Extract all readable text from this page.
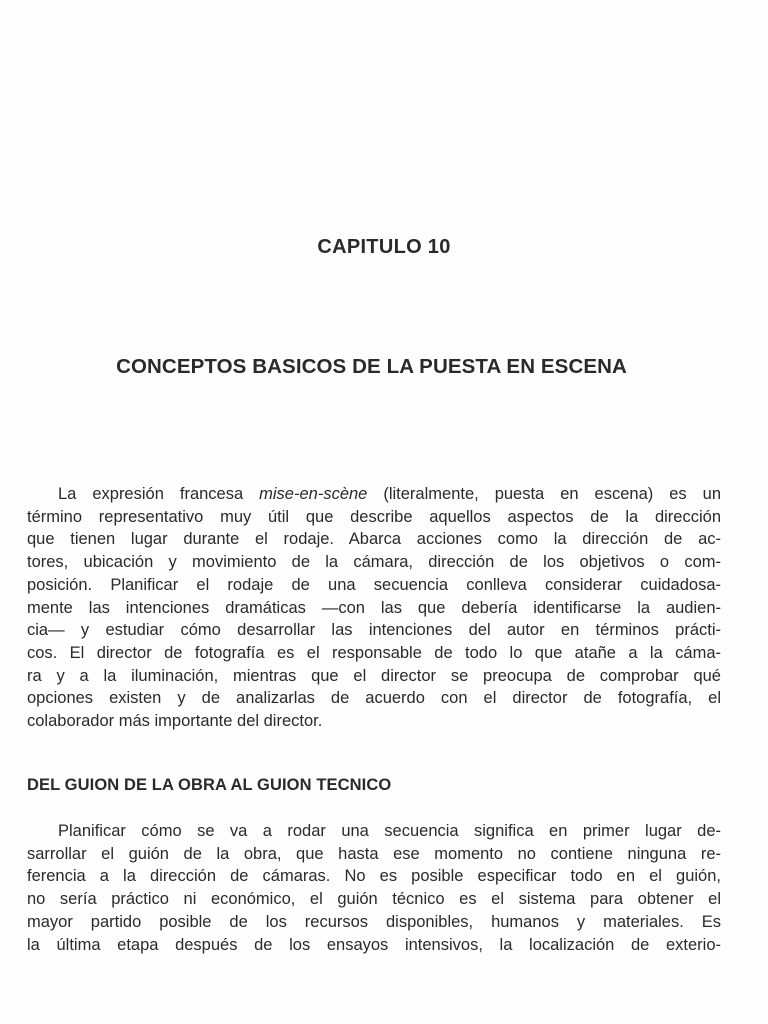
CAPITULO 10
CONCEPTOS BASICOS DE LA PUESTA EN ESCENA

La expresión francesa mise-en-scène (literalmente, puesta en escena) es un
término representativo muy útil que describe aquellos aspectos de la dirección
que tienen lugar durante el rodaje. Abarca acciones como la dirección de ac-
tores, ubicación y movimiento de la cámara, dirección de los objetivos o com-
posición. Planificar el rodaje de una secuencia conlleva considerar cuidadosa-
mente las intenciones dramáticas —con las que debería identificarse la audien-
cia— y estudiar cómo desarrollar las intenciones del autor en términos prácti-
cos. El director de fotografía es el responsable de todo lo que atañe a la cáma-
ra y a la iluminación, mientras que el director se preocupa de comprobar qué
opciones existen y de analizarlas de acuerdo con el director de fotografía, el
colaborador más importante del director.

DEL GUION DE LA OBRA AL GUION TECNICO

Planificar cómo se va a rodar una secuencia significa en primer lugar de-
sarrollar el guión de la obra, que hasta ese momento no contiene ninguna re-
ferencia a la dirección de cámaras. No es posible especificar todo en el guión,
no sería práctico ni económico, el guión técnico es el sistema para obtener el
mayor partido posible de los recursos disponibles, humanos y materiales. Es
la última etapa después de los ensayos intensivos, la localización de exterio-
